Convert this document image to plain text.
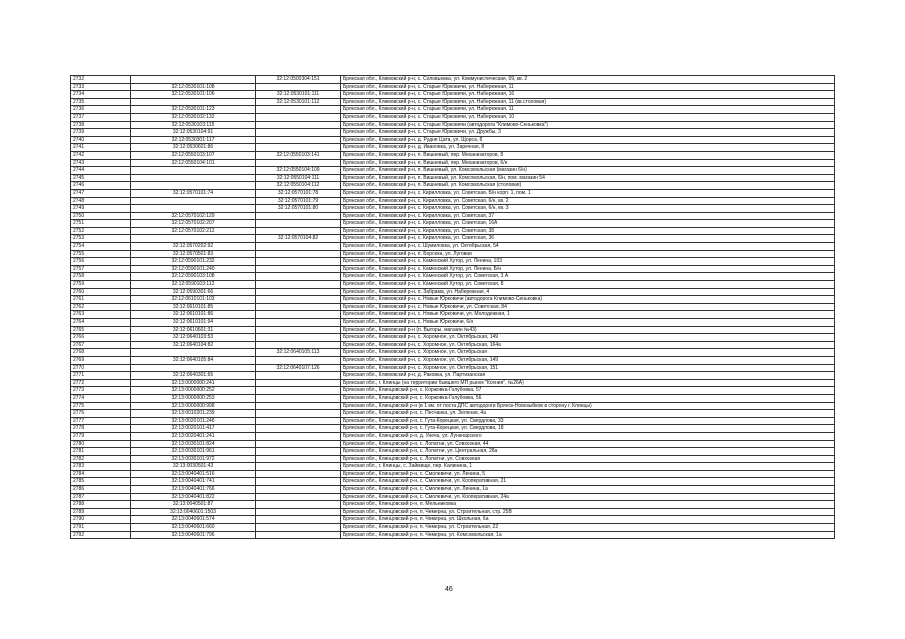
2732		32:12:0500304:151	Брянская обл., Климовский р-н, с. Соловьевка, ул. Коммунистическая, 99, кв. 2
2733	32:12:0530101:108		Брянская обл., Климовский р-н, с. Старые Юрковичи, ул. Набережная, 11
2734	32:12:0530101:106	32:12:0530101:111	Брянская обл., Климовский р-н, с. Старые Юрковичи, ул. Набережная, 16
2735		32:12:0530101:112	Брянская обл., Климовский р-н, с. Старые Юрковичи, ул. Набережная, 11 (кв.столовая)
2736	32:12:0530101:123		Брянская обл., Климовский р-н, с. Старые Юрковичи, ул. Набережная, 11
2737	32:12:0530102:132		Брянская обл., Климовский р-н, с. Старые Юрковичи, ул. Набережная, 10
2738	32:12:0530103:115		Брянская обл., Климовский р-н, с. Старые Юрковичи (автодорога "Климово-Сеньковка")
2739	32:12:0530104:91		Брянская обл., Климовский р-н, с. Старые Юрковичи, ул. Дружбы, 3
2740	32:12:0530301:117		Брянская обл., Климовский р-н, д. Рудня Цата, ул. Щорса, 8
2741	32:12:0530601:86		Брянская обл., Климовский р-н, д. Ивановка, ул. Заречная, 8
2742	32:12:0550103:107	32:12:0550103:141	Брянская обл., Климовский р-н, п. Вишневый, пер. Механизаторов, 8
2743	32:12:0550104:101		Брянская обл., Климовский р-н, п. Вишневый, пер. Механизаторов, 6/н
2744		32:12:0550104:109	Брянская обл., Климовский р-н, п. Вишневый, ул. Комсомольская (магазин 6/н)
2745		32:12:0550104:111	Брянская обл., Климовский р-н, п. Вишневый, ул. Комсомольская, 6/н, пом. магазин 54
2746		32:12:0550104:112	Брянская обл., Климовский р-н, п. Вишневый, ул. Комсомольская (столовая)
2747	32:12:0570101:74	32:12:0570101:78	Брянская обл., Климовский р-н, с. Кирилловка, ул. Советская, Б/н корп. 1, пом. 1
2748		32:12:0570101:79	Брянская обл., Климовский р-н, с. Кирилловка, ул. Советская, 6/н, кв. 2
2749		32:12:0570101:80	Брянская обл., Климовский р-н, с. Кирилловка, ул. Советская, 6/н, кв. 3
2750	32:12:0570102:129		Брянская обл., Климовский р-н, с. Кирилловка, ул. Советская, 37
2751	32:12:0570102:207		Брянская обл., Климовский р-н, с. Кирилловка, ул. Советская, 16А
2752	32:12:0570102:212		Брянская обл., Климовский р-н, с. Кирилловка, ул. Советская, 38
2753		32:12:0570104:82	Брянская обл., Климовский р-н, с. Кирилловка, ул. Советская, 36
2754	32:12:0570202:92		Брянская обл., Климовский р-н, с. Шумиловка, ул. Октябрьская, 54
2755	32:12:0570501:83		Брянская обл., Климовский р-н, п. Борсека, ул. Луговая
2756	32:12:0590101:232		Брянская обл., Климовский р-н, с. Каменский Хутор, ул. Ленина, 103
2757	32:12:0590101:240		Брянская обл., Климовский р-н, с. Каменский Хутор, ул. Ленина, Б/н
2758	32:12:0590103:108		Брянская обл., Климовский р-н, с. Каменский Хутор, ул. Советская, 3 А
2759	32:12:0590103:112		Брянская обл., Климовский р-н, с. Каменский Хутор, ул. Советская, 8
2760	32:12:0590301:66		Брянская обл., Климовский р-н, п. Забрама, ул. Набережная, 4
2761	32:12:0610101:103		Брянская обл., Климовский р-н, с. Новые Юрковичи (автодорога Климово-Сеньковка)
2762	32:12:0610101:85		Брянская обл., Климовский р-н, с. Новые Юрковичи, ул. Советская, 84
2763	32:12:0610101:86		Брянская обл., Климовский р-н, с. Новые Юрковичи, ул. Молодежная, 1
2764	32:12:0610101:94		Брянская обл., Климовский р-н, с. Новые Юрковичи, 6/н
2765	32:12:0610601:31		Брянская обл., Климовский р-н (п. Выгоры, магазин №43)
2766	32:12:0640103:53		Брянская обл., Климовский р-н, с. Хоромное, ул. Октябрьская, 149
2767	32:12:0640104:82		Брянская обл., Климовский р-н, с. Хоромное, ул. Октябрьская, 164а
2768		32:12:0640105:113	Брянская обл., Климовский р-н, с. Хоромное, ул. Октябрьская
2769	32:12:0640105:84		Брянская обл., Климовский р-н, с. Хоромное, ул. Октябрьская, 149
2770		32:12:0640107:126	Брянская обл., Климовский р-н, с. Хоромное, ул. Октябрьская, 151
2771	32:12:0640301:65		Брянская обл., Климовский р-н, д. Раковка, ул. Партизанская
2772	32:13:0000000:241		Брянская обл., г. Клинцы (на территории бывшего МП рынок "Ксения", №26А)
2773	32:13:0000000:252		Брянская обл., Клинцовский р-н, с. Коржовка-Голубовка, 57
2774	32:13:0000000:253		Брянская обл., Клинцовский р-н, с. Коржовка-Голубовка, 56
2775	32:13:0000000:998		Брянская обл., Клинцовский р-н (в 1 км. от поста ДПС автодороги Брянск-Новозыбков в сторону г. Клинцы)
2776	32:13:0010201:239		Брянская обл., Клинцовский р-н, с. Песчанка, ул. Зеленая, 4а
2777	32:13:0020101:246		Брянская обл., Клинцовский р-н, с. Гута-Корецкая, ул. Свердлова, 33
2778	32:13:0020101:417		Брянская обл., Клинцовский р-н, с. Гута-Корецкая, ул. Свердлова, 18
2779	32:13:0020401:241		Брянская обл., Клинцовский р-н, д. Унеча, ул. Луначарского
2780	32:13:0030101:824		Брянская обл., Клинцовский р-н, с. Лопатни, ул. Совхозная, 44
2781	32:13:0030101:961		Брянская обл., Клинцовский р-н, с. Лопатни, ул. Центральная, 28а
2782	32:13:0030101:972		Брянская обл., Клинцовский р-н, с. Лопатни, ул. Совхозная
2783	32:13:0030501:43		Брянская обл., г. Клинцы, с. Займище, пер. Калинина, 1
2784	32:13:0040401:516		Брянская обл., Клинцовский р-н, с. Смолевичи, ул. Ленина, 5
2785	32:13:0040401:741		Брянская обл., Клинцовский р-н, с. Смолевичи, ул. Кооперативная, 21
2786	32:13:0040401:766		Брянская обл., Клинцовский р-н, с. Смолевичи, ул. Ленина, 1а
2787	32:13:0040401:822		Брянская обл., Клинцовский р-н, с. Смолевичи, ул. Кооперативная, 24а
2788	32:13:0040501:87		Брянская обл., Клинцовский р-н, п. Мельниковка
2789	32:13:0040601:1503		Брянская обл., Клинцовский р-н, п. Чемерна, ул. Строительная, стр. 25В
2790	32:13:0040601:574		Брянская обл., Клинцовский р-н, п. Чемерна, ул. Школьная, 6а
2791	32:13:0040601:660		Брянская обл., Клинцовский р-н, п. Чемерна, ул. Строительная, 22
2792	32:13:0040601:796		Брянская обл., Клинцовский р-н, п. Чемерна, ул. Комсомольская, 1а
46
